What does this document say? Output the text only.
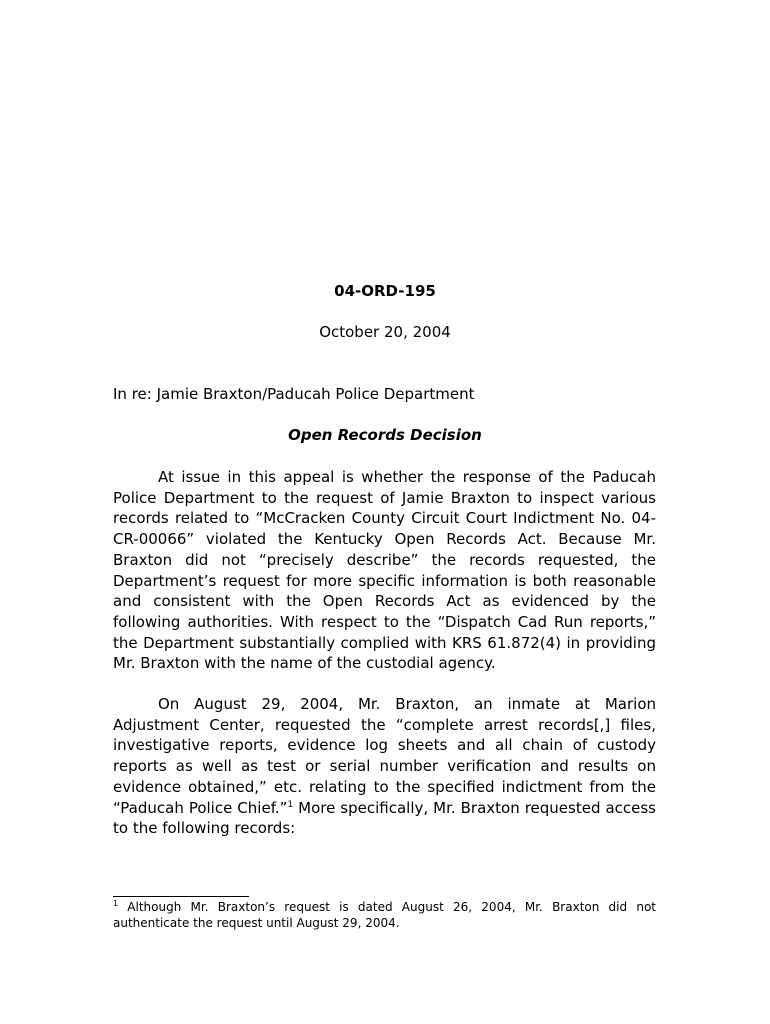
04-ORD-195
October 20, 2004
In re: Jamie Braxton/Paducah Police Department
Open Records Decision

At issue in this appeal is whether the response of the Paducah Police Department to the request of Jamie Braxton to inspect various records related to “McCracken County Circuit Court Indictment No. 04-CR-00066” violated the Kentucky Open Records Act. Because Mr. Braxton did not “precisely describe” the records requested, the Department’s request for more specific information is both reasonable and consistent with the Open Records Act as evidenced by the following authorities. With respect to the “Dispatch Cad Run reports,” the Department substantially complied with KRS 61.872(4) in providing Mr. Braxton with the name of the custodial agency.

On August 29, 2004, Mr. Braxton, an inmate at Marion Adjustment Center, requested the “complete arrest records[,] files, investigative reports, evidence log sheets and all chain of custody reports as well as test or serial number verification and results on evidence obtained,” etc. relating to the specified indictment from the “Paducah Police Chief.”$^1$ More specifically, Mr. Braxton requested access to the following records:

$^1$ Although Mr. Braxton’s request is dated August 26, 2004, Mr. Braxton did not authenticate the request until August 29, 2004.
